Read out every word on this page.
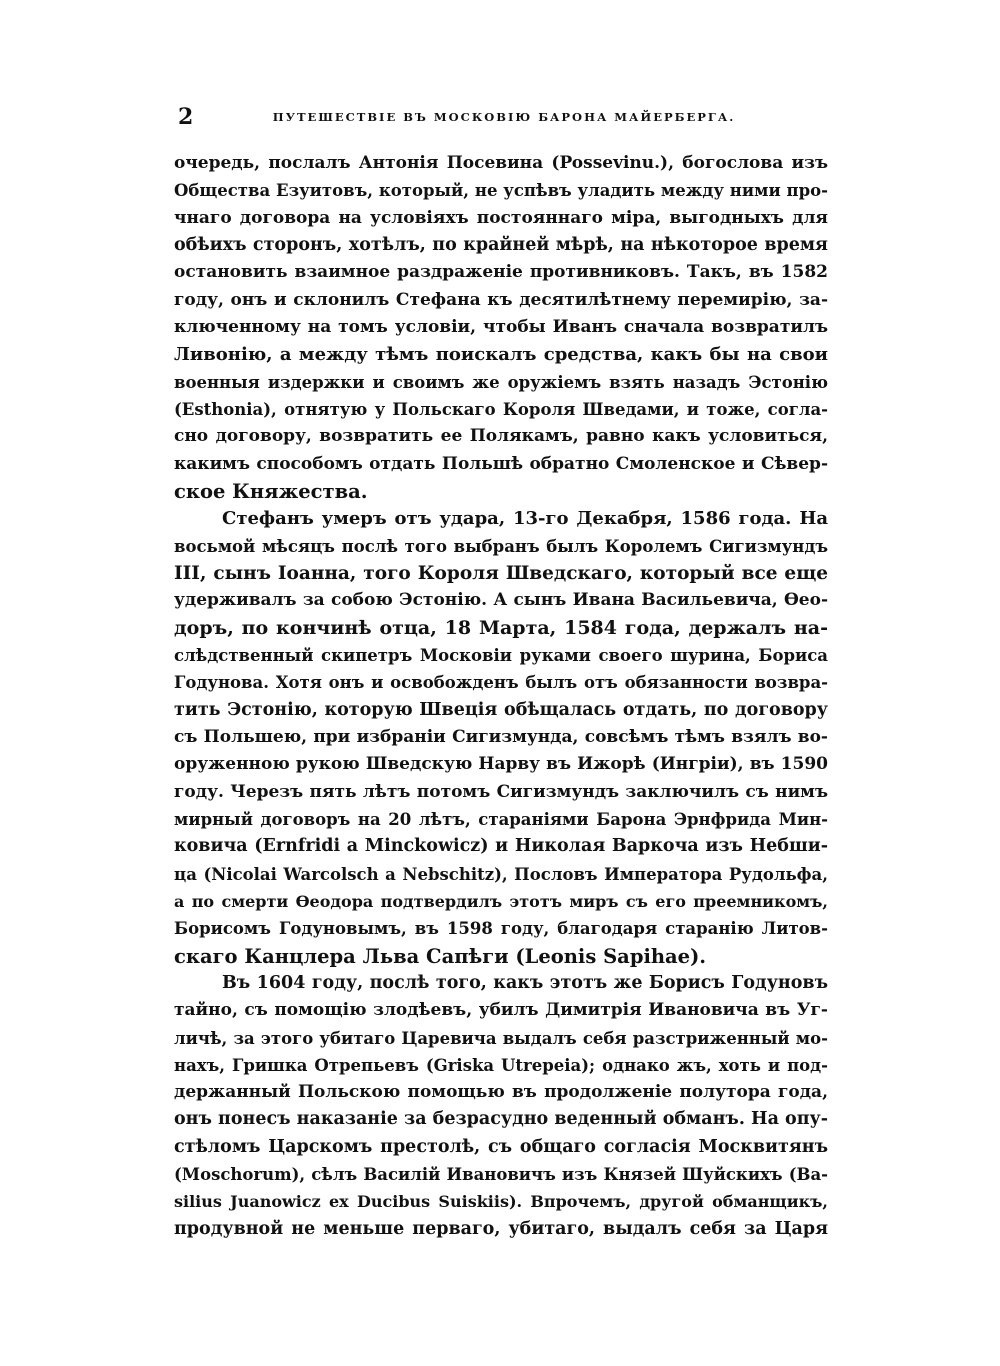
2	ПУТЕШЕСТВІЕ ВЪ МОСКОВІЮ БАРОНА МАЙЕРБЕРГА.
очередь, послалъ Антонія Посевина (Possevinu.), богослова изъ
Общества Езуитовъ, который, не успѣвъ уладить между ними про-
чнаго договора на условіяхъ постояннаго міра, выгодныхъ для
обѣихъ сторонъ, хотѣлъ, по крайней мѣрѣ, на нѣкоторое время
остановить взаимное раздраженіе противниковъ. Такъ, въ 1582
году, онъ и склонилъ Стефана къ десятилѣтнему перемирію, за-
ключенному на томъ условіи, чтобы Иванъ сначала возвратилъ
Ливонію, а между тѣмъ поискалъ средства, какъ бы на свои
военныя издержки и своимъ же оружіемъ взять назадъ Эстонію
(Esthonia), отнятую у Польскаго Короля Шведами, и тоже, согла-
сно договору, возвратить ее Полякамъ, равно какъ условиться,
какимъ способомъ отдать Польшѣ обратно Смоленское и Сѣвер-
ское Княжества.
Стефанъ умеръ отъ удара, 13-го Декабря, 1586 года. На
восьмой мѣсяцъ послѣ того выбранъ былъ Королемъ Сигизмундъ
III, сынъ Іоанна, того Короля Шведскаго, который все еще
удерживалъ за собою Эстонію. А сынъ Ивана Васильевича, Өео-
доръ, по кончинѣ отца, 18 Марта, 1584 года, держалъ на-
слѣдственный скипетръ Московіи руками своего шурина, Бориса
Годунова. Хотя онъ и освобожденъ былъ отъ обязанности возвра-
тить Эстонію, которую Швеція обѣщалась отдать, по договору
съ Польшею, при избраніи Сигизмунда, совсѣмъ тѣмъ взялъ во-
оруженною рукою Шведскую Нарву въ Ижорѣ (Ингріи), въ 1590
году. Черезъ пять лѣтъ потомъ Сигизмундъ заключилъ съ нимъ
мирный договоръ на 20 лѣтъ, стараніями Барона Эрнфрида Мин-
ковича (Ernfridi a Minckowicz) и Николая Варкоча изъ Небши-
ца (Nicolai Warcolsch a Nebschitz), Пословъ Императора Рудольфа,
а по смерти Өеодора подтвердилъ этотъ миръ съ его преемникомъ,
Борисомъ Годуновымъ, въ 1598 году, благодаря старанію Литов-
скаго Канцлера Льва Сапѣги (Leonis Sapihae).
Въ 1604 году, послѣ того, какъ этотъ же Борисъ Годуновъ
тайно, съ помощію злодѣевъ, убилъ Димитрія Ивановича въ Уг-
личѣ, за этого убитаго Царевича выдалъ себя разстриженный мо-
нахъ, Гришка Отрепьевъ (Griska Utrepeia); однако жъ, хоть и под-
держанный Польскою помощью въ продолженіе полутора года,
онъ понесъ наказаніе за безрасудно веденный обманъ. На опу-
стѣломъ Царскомъ престолѣ, съ общаго согласія Москвитянъ
(Moschorum), сѣлъ Василій Ивановичъ изъ Князей Шуйскихъ (Ba-
silius Juanowicz ex Ducibus Suiskiis). Впрочемъ, другой обманщикъ,
продувной не меньше перваго, убитаго, выдалъ себя за Царя
